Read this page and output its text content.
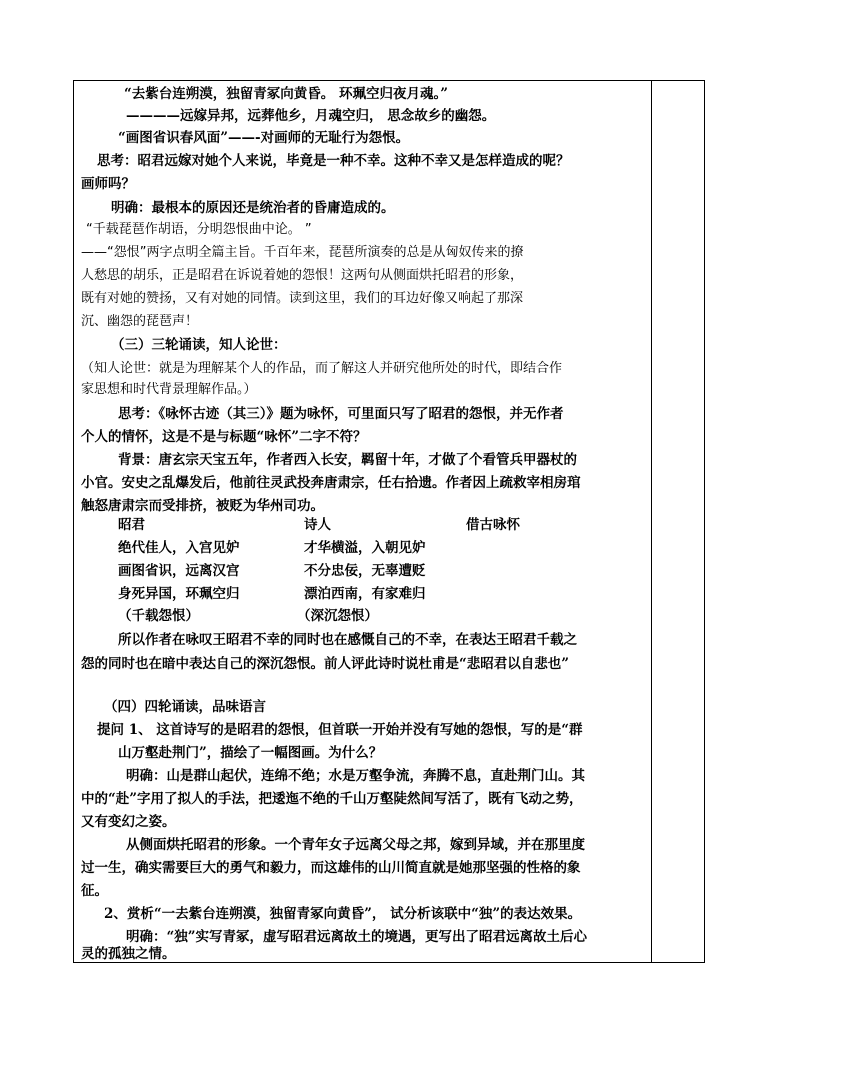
“去紫台连朔漠，独留青冢向黄昏。 环珮空归夜月魂。”
————远嫁异邦，远葬他乡，月魂空归， 思念故乡的幽怨。
“画图省识春风面”——-对画师的无耻行为怨恨。
思考：昭君远嫁对她个人来说，毕竟是一种不幸。这种不幸又是怎样造成的呢？
画师吗？
明确：最根本的原因还是统治者的昏庸造成的。
“千载琵琶作胡语，分明怨恨曲中论。 ”
——“怨恨”两字点明全篇主旨。千百年来，琵琶所演奏的总是从匈奴传来的撩
人愁思的胡乐，正是昭君在诉说着她的怨恨！这两句从侧面烘托昭君的形象，
既有对她的赞扬，又有对她的同情。读到这里，我们的耳边好像又响起了那深
沉、幽怨的琵琶声！
（三）三轮诵读，知人论世：
（知人论世：就是为理解某个人的作品，而了解这人并研究他所处的时代，即结合作
家思想和时代背景理解作品。）
思考：《咏怀古迹（其三）》题为咏怀，可里面只写了昭君的怨恨，并无作者
个人的情怀，这是不是与标题“咏怀”二字不符？
背景：唐玄宗天宝五年，作者西入长安，羁留十年，才做了个看管兵甲器杖的
小官。安史之乱爆发后，他前往灵武投奔唐肃宗，任右拾遗。作者因上疏救宰相房琯
触怒唐肃宗而受排挤，被贬为华州司功。
昭君	诗人	借古咏怀
绝代佳人，入宫见妒	才华横溢，入朝见妒
画图省识，远离汉宫	不分忠佞，无辜遭贬
身死异国，环珮空归	漂泊西南，有家难归
（千载怨恨）	（深沉怨恨）
所以作者在咏叹王昭君不幸的同时也在感慨自己的不幸，在表达王昭君千载之
怨的同时也在暗中表达自己的深沉怨恨。前人评此诗时说杜甫是“悲昭君以自悲也”
（四）四轮诵读，品味语言
提问 1、 这首诗写的是昭君的怨恨，但首联一开始并没有写她的怨恨，写的是“群
山万壑赴荆门”，描绘了一幅图画。为什么？
明确：山是群山起伏，连绵不绝；水是万壑争流，奔腾不息，直赴荆门山。其
中的“赴”字用了拟人的手法，把逶迤不绝的千山万壑陡然间写活了，既有飞动之势，
又有变幻之姿。
从侧面烘托昭君的形象。一个青年女子远离父母之邦，嫁到异域，并在那里度
过一生，确实需要巨大的勇气和毅力，而这雄伟的山川简直就是她那坚强的性格的象
征。
2、赏析“一去紫台连朔漠，独留青冢向黄昏”， 试分析该联中“独”的表达效果。
明确：“独”实写青冢，虚写昭君远离故土的境遇，更写出了昭君远离故土后心
灵的孤独之情。
